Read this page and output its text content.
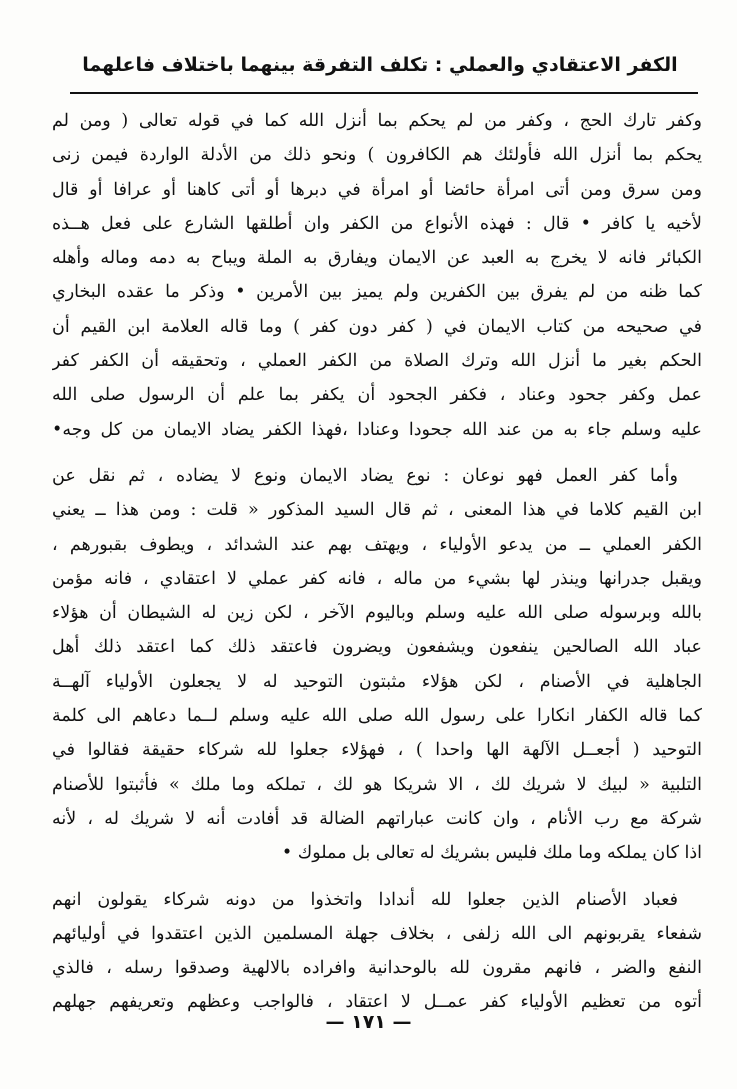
الكفر الاعتقادي والعملي : تكلف التفرقة بينهما باختلاف فاعلهما
وكفر تارك الحج ، وكفر من لم يحكم بما أنزل الله كما في قوله تعالى ( ومن لم
يحكم بما أنزل الله فأولئك هم الكافرون ) ونحو ذلك من الأدلة الواردة فيمن زنى
ومن سرق ومن أتى امرأة حائضا أو امرأة في دبرها أو أتى كاهنا أو عرافا أو قال
لأخيه يا كافر • قال : فهذه الأنواع من الكفر وان أطلقها الشارع على فعل هــذه
الكبائر فانه لا يخرج به العبد عن الايمان ويفارق به الملة ويباح به دمه وماله وأهله
كما ظنه من لم يفرق بين الكفرين ولم يميز بين الأمرين • وذكر ما عقده البخاري
في صحيحه من كتاب الايمان في ( كفر دون كفر ) وما قاله العلامة ابن القيم أن
الحكم بغير ما أنزل الله وترك الصلاة من الكفر العملي ، وتحقيقه أن الكفر كفر
عمل وكفر جحود وعناد ، فكفر الجحود أن يكفر بما علم أن الرسول صلى الله
عليه وسلم جاء به من عند الله جحودا وعنادا ،فهذا الكفر يضاد الايمان من كل وجه•
وأما كفر العمل فهو نوعان : نوع يضاد الايمان ونوع لا يضاده ، ثم نقل عن
ابن القيم كلاما في هذا المعنى ، ثم قال السيد المذكور « قلت : ومن هذا ــ يعني
الكفر العملي ــ من يدعو الأولياء ، ويهتف بهم عند الشدائد ، ويطوف بقبورهم ،
ويقبل جدرانها وينذر لها بشيء من ماله ، فانه كفر عملي لا اعتقادي ، فانه مؤمن
بالله وبرسوله صلى الله عليه وسلم وباليوم الآخر ، لكن زين له الشيطان أن هؤلاء
عباد الله الصالحين ينفعون ويشفعون ويضرون فاعتقد ذلك كما اعتقد ذلك أهل
الجاهلية في الأصنام ، لكن هؤلاء مثبتون التوحيد له لا يجعلون الأولياء آلهــة
كما قاله الكفار انكارا على رسول الله صلى الله عليه وسلم لــما دعاهم الى كلمة
التوحيد ( أجعــل الآلهة الها واحدا ) ، فهؤلاء جعلوا لله شركاء حقيقة فقالوا في
التلبية « لبيك لا شريك لك ، الا شريكا هو لك ، تملكه وما ملك » فأثبتوا للأصنام
شركة مع رب الأنام ، وان كانت عباراتهم الضالة قد أفادت أنه لا شريك له ، لأنه
اذا كان يملكه وما ملك فليس بشريك له تعالى بل مملوك •
فعباد الأصنام الذين جعلوا لله أندادا واتخذوا من دونه شركاء يقولون انهم
شفعاء يقربونهم الى الله زلفى ، بخلاف جهلة المسلمين الذين اعتقدوا في أوليائهم
النفع والضر ، فانهم مقرون لله بالوحدانية وافراده بالالهية وصدقوا رسله ، فالذي
أتوه من تعظيم الأولياء كفر عمــل لا اعتقاد ، فالواجب وعظهم وتعريفهم جهلهم
— ١٧١ —
